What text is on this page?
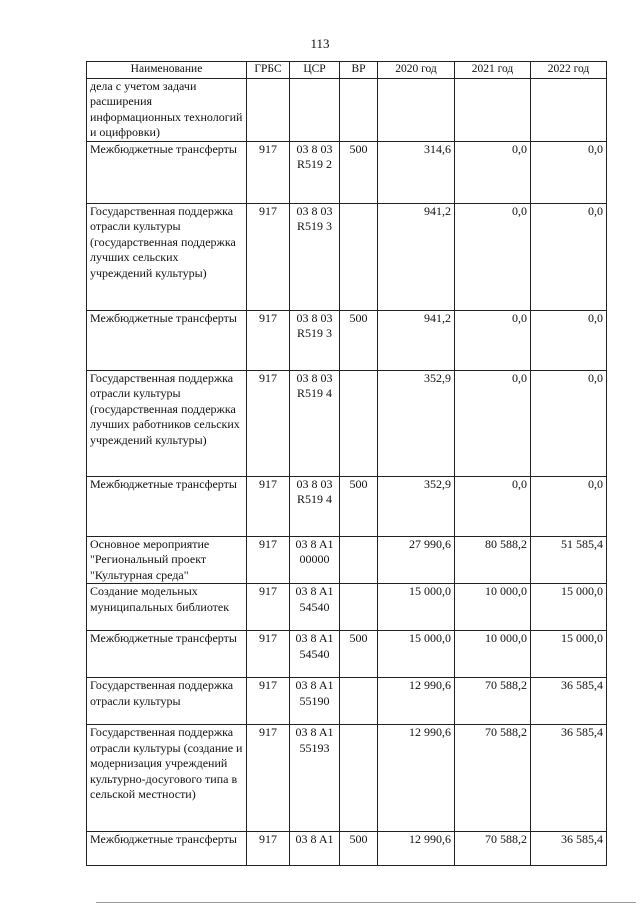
113
Наименование	ГРБС	ЦСР	ВР	2020 год	2021 год	2022 год
дела с учетом задачи расширения информационных технологий и оцифровки)						
Межбюджетные трансферты	917	03 8 03 R519 2	500	314,6	0,0	0,0
Государственная поддержка отрасли культуры (государственная поддержка лучших сельских учреждений культуры)	917	03 8 03 R519 3		941,2	0,0	0,0
Межбюджетные трансферты	917	03 8 03 R519 3	500	941,2	0,0	0,0
Государственная поддержка отрасли культуры (государственная поддержка лучших работников сельских учреждений культуры)	917	03 8 03 R519 4		352,9	0,0	0,0
Межбюджетные трансферты	917	03 8 03 R519 4	500	352,9	0,0	0,0
Основное мероприятие "Региональный проект "Культурная среда"	917	03 8 A1 00000		27 990,6	80 588,2	51 585,4
Создание модельных муниципальных библиотек	917	03 8 A1 54540		15 000,0	10 000,0	15 000,0
Межбюджетные трансферты	917	03 8 A1 54540	500	15 000,0	10 000,0	15 000,0
Государственная поддержка отрасли культуры	917	03 8 A1 55190		12 990,6	70 588,2	36 585,4
Государственная поддержка отрасли культуры (создание и модернизация учреждений культурно-досугового типа в сельской местности)	917	03 8 A1 55193		12 990,6	70 588,2	36 585,4
Межбюджетные трансферты	917	03 8 A1	500	12 990,6	70 588,2	36 585,4
